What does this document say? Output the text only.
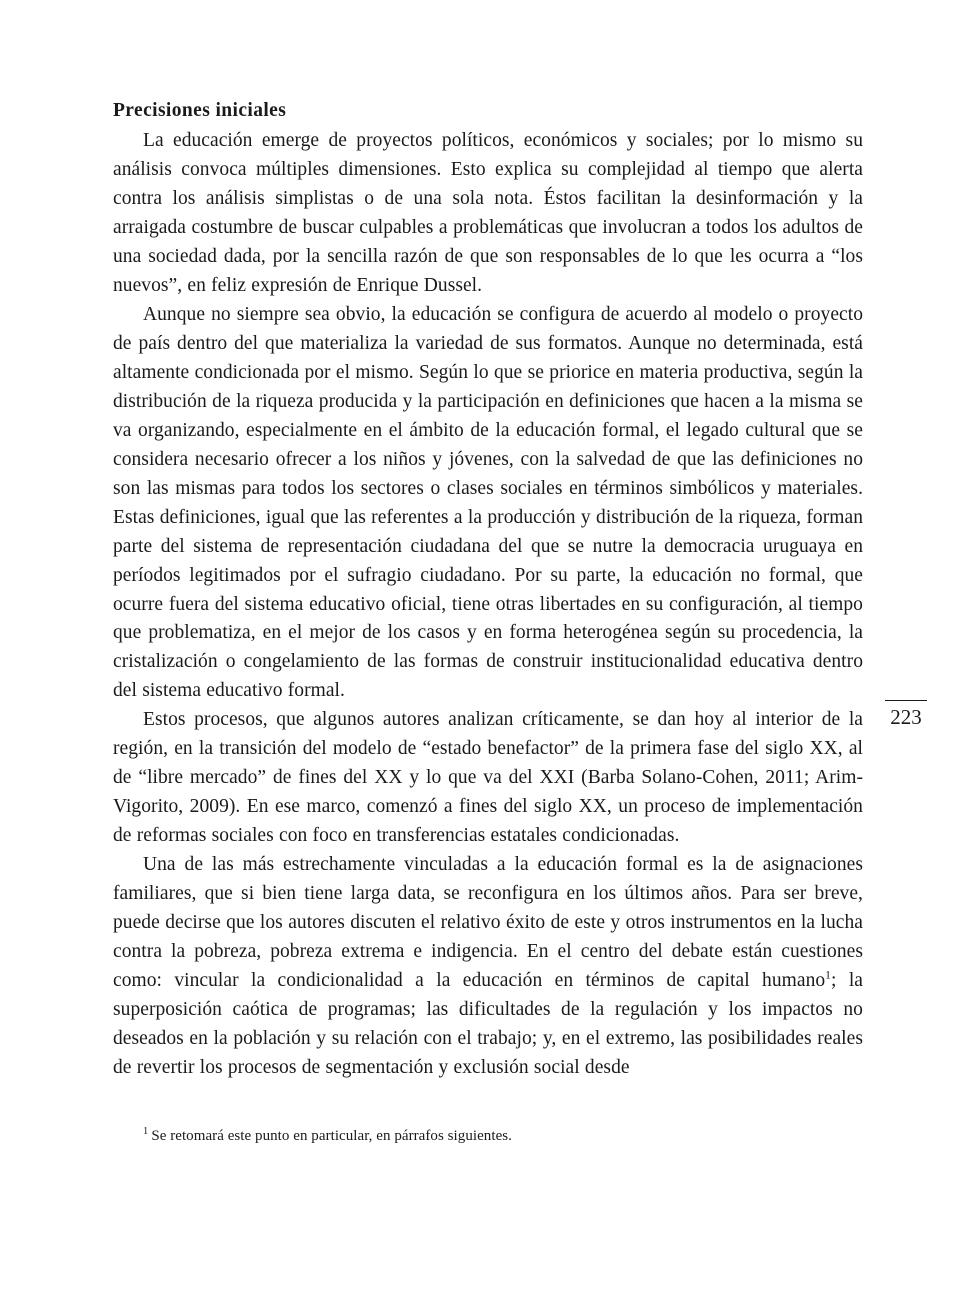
Precisiones iniciales

La educación emerge de proyectos políticos, económicos y sociales; por lo mismo su análisis convoca múltiples dimensiones. Esto explica su complejidad al tiempo que alerta contra los análisis simplistas o de una sola nota. Éstos facilitan la desinformación y la arraigada costumbre de buscar culpables a problemáticas que involucran a todos los adultos de una sociedad dada, por la sencilla razón de que son responsables de lo que les ocurra a “los nuevos”, en feliz expresión de Enrique Dussel.

Aunque no siempre sea obvio, la educación se configura de acuerdo al modelo o proyecto de país dentro del que materializa la variedad de sus formatos. Aunque no determinada, está altamente condicionada por el mismo. Según lo que se priorice en materia productiva, según la distribución de la riqueza producida y la participación en definiciones que hacen a la misma se va organizando, especialmente en el ámbito de la educación formal, el legado cultural que se considera necesario ofrecer a los niños y jóvenes, con la salvedad de que las definiciones no son las mismas para todos los sectores o clases sociales en términos simbólicos y materiales. Estas definiciones, igual que las referentes a la producción y distribución de la riqueza, forman parte del sistema de representación ciudadana del que se nutre la democracia uruguaya en períodos legitimados por el sufragio ciudadano. Por su parte, la educación no formal, que ocurre fuera del sistema educativo oficial, tiene otras libertades en su configuración, al tiempo que problematiza, en el mejor de los casos y en forma heterogénea según su procedencia, la cristalización o congelamiento de las formas de construir institucionalidad educativa dentro del sistema educativo formal.

Estos procesos, que algunos autores analizan críticamente, se dan hoy al interior de la región, en la transición del modelo de “estado benefactor” de la primera fase del siglo XX, al de “libre mercado” de fines del XX y lo que va del XXI (Barba Solano-Cohen, 2011; Arim-Vigorito, 2009). En ese marco, comenzó a fines del siglo XX, un proceso de implementación de reformas sociales con foco en transferencias estatales condicionadas.

Una de las más estrechamente vinculadas a la educación formal es la de asignaciones familiares, que si bien tiene larga data, se reconfigura en los últimos años. Para ser breve, puede decirse que los autores discuten el relativo éxito de este y otros instrumentos en la lucha contra la pobreza, pobreza extrema e indigencia. En el centro del debate están cuestiones como: vincular la condicionalidad a la educación en términos de capital humano$^1$; la superposición caótica de programas; las dificultades de la regulación y los impactos no deseados en la población y su relación con el trabajo; y, en el extremo, las posibilidades reales de revertir los procesos de segmentación y exclusión social desde

223

$^1$ Se retomará este punto en particular, en párrafos siguientes.
